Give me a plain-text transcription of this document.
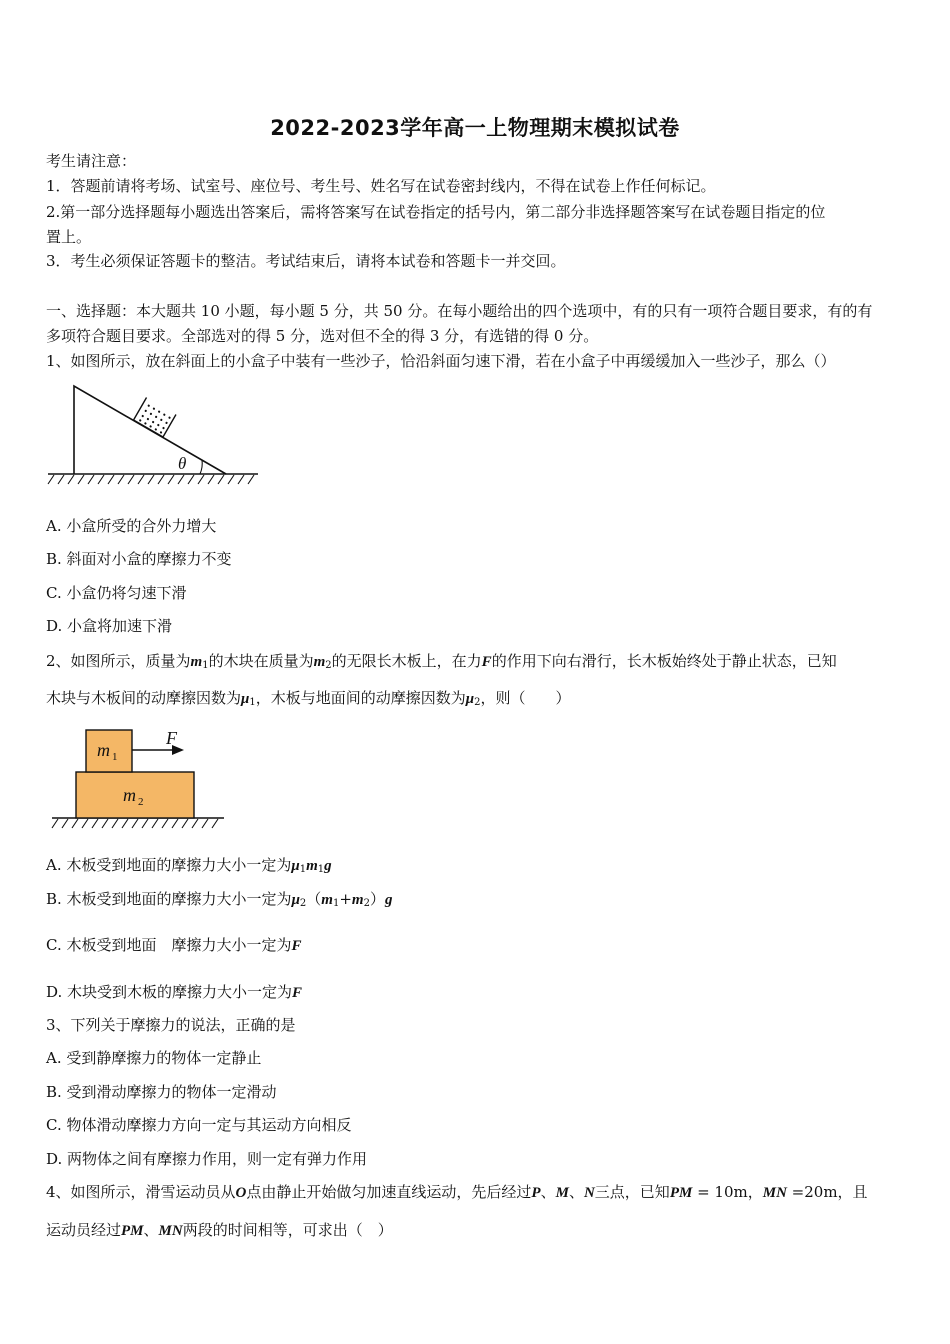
2022-2023学年高一上物理期末模拟试卷
考生请注意：
1．答题前请将考场、试室号、座位号、考生号、姓名写在试卷密封线内，不得在试卷上作任何标记。
2.第一部分选择题每小题选出答案后，需将答案写在试卷指定的括号内，第二部分非选择题答案写在试卷题目指定的位
置上。
3．考生必须保证答题卡的整洁。考试结束后，请将本试卷和答题卡一并交回。
一、选择题：本大题共 10 小题，每小题 5 分，共 50 分。在每小题给出的四个选项中，有的只有一项符合题目要求，有的有
多项符合题目要求。全部选对的得 5 分，选对但不全的得 3 分，有选错的得 0 分。
1、如图所示，放在斜面上的小盒子中装有一些沙子，恰沿斜面匀速下滑，若在小盒子中再缓缓加入一些沙子，那么（）
θ
A. 小盒所受的合外力增大
B. 斜面对小盒的摩擦力不变
C. 小盒仍将匀速下滑
D. 小盒将加速下滑
2、如图所示，质量为$m_1$的木块在质量为$m_2$的无限长木板上，在力F的作用下向右滑行，长木板始终处于静止状态，已知
木块与木板间的动摩擦因数为$\mu_1$，木板与地面间的动摩擦因数为$\mu_2$，则（　　）
F
m 1
m 2
A. 木板受到地面的摩擦力大小一定为$\mu_1m_1g$
B. 木板受到地面的摩擦力大小一定为$\mu_2(m_1+m_2)g$
C. 木板受到地面　摩擦力大小一定为F
D. 木块受到木板的摩擦力大小一定为F
3、下列关于摩擦力的说法，正确的是
A. 受到静摩擦力的物体一定静止
B. 受到滑动摩擦力的物体一定滑动
C. 物体滑动摩擦力方向一定与其运动方向相反
D. 两物体之间有摩擦力作用，则一定有弹力作用
4、如图所示，滑雪运动员从O点由静止开始做匀加速直线运动，先后经过P、M、N三点，已知PM = 10m，MN =20m，且
运动员经过PM、MN两段的时间相等，可求出（　）
